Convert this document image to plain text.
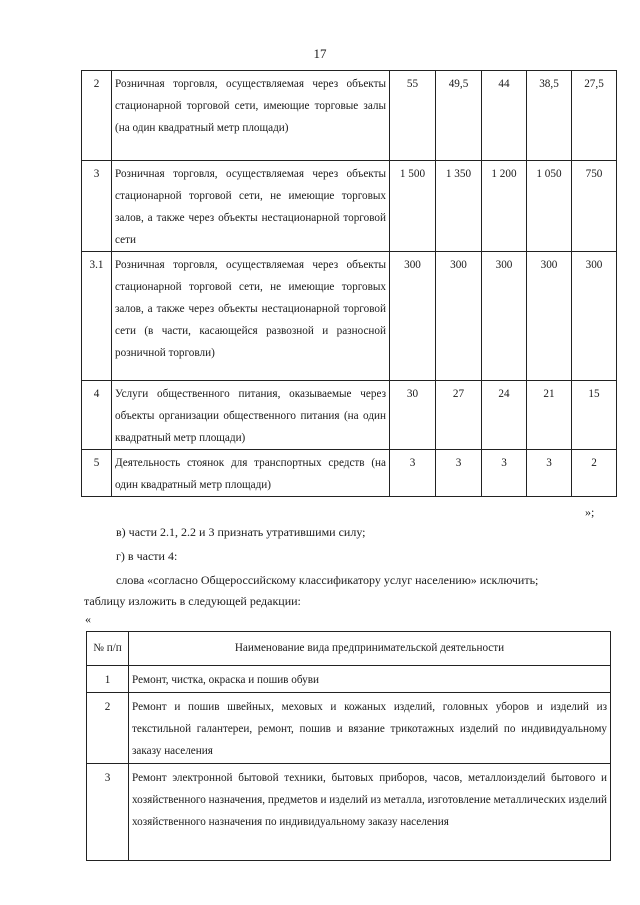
17
2	Розничная торговля, осуществляемая через объекты стационарной торговой сети, имеющие торговые залы (на один квадратный метр площади)	55	49,5	44	38,5	27,5
3	Розничная торговля, осуществляемая через объекты стационарной торговой сети, не имеющие торговых залов, а также через объекты нестационарной торговой сети	1 500	1 350	1 200	1 050	750
3.1	Розничная торговля, осуществляемая через объекты стационарной торговой сети, не имеющие торговых залов, а также через объекты нестационарной торговой сети (в части, касающейся развозной и разносной розничной торговли)	300	300	300	300	300
4	Услуги общественного питания, оказываемые через объекты организации общественного питания (на один квадратный метр площади)	30	27	24	21	15
5	Деятельность стоянок для транспортных средств (на один квадратный метр площади)	3	3	3	3	2
»;
в) части 2.1, 2.2 и 3 признать утратившими силу;
г) в части 4:
слова «согласно Общероссийскому классификатору услуг населению» исключить;
таблицу изложить в следующей редакции:
«
№ п/п	Наименование вида предпринимательской деятельности
1	Ремонт, чистка, окраска и пошив обуви
2	Ремонт и пошив швейных, меховых и кожаных изделий, головных уборов и изделий из текстильной галантереи, ремонт, пошив и вязание трикотажных изделий по индивидуальному заказу населения
3	Ремонт электронной бытовой техники, бытовых приборов, часов, металлоизделий бытового и хозяйственного назначения, предметов и изделий из металла, изготовление металлических изделий хозяйственного назначения по индивидуальному заказу населения
